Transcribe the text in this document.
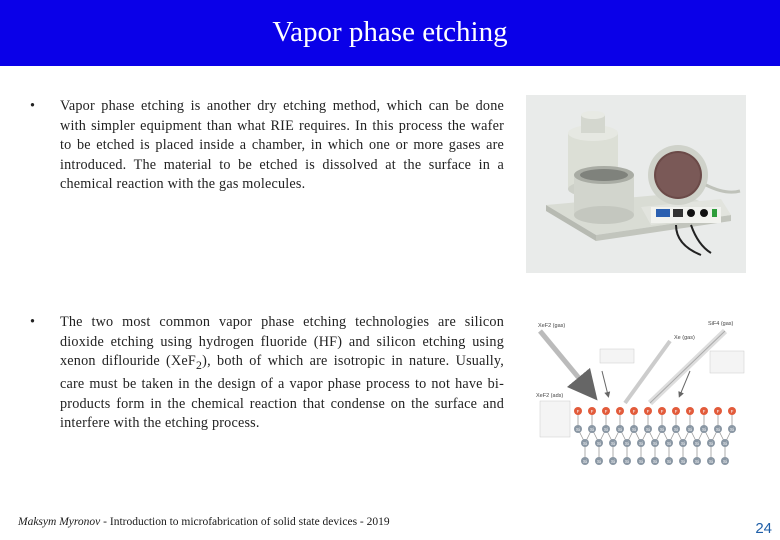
Vapor phase etching
• Vapor phase etching is another dry etching method, which can be done with simpler equipment than what RIE requires. In this process the wafer to be etched is placed inside a chamber, in which one or more gases are introduced. The material to be etched is dissolved at the surface in a chemical reaction with the gas molecules.
• The two most common vapor phase etching technologies are silicon dioxide etching using hydrogen fluoride (HF) and silicon etching using xenon diflouride (XeF$_2$), both of which are isotropic in nature. Usually, care must be taken in the design of a vapor phase process to not have bi-products form in the chemical reaction that condense on the surface and interfere with the etching process.
XeF2 (gas)	SiF4 (gas)
Xe (gas)
XeF2 (ads)
F	F	F	F	F	F	F	F	F	F	F	F
Si Si Si Si Si Si Si Si Si Si Si Si
Si Si Si Si Si Si Si Si Si Si Si
Si Si Si Si Si Si Si Si Si Si Si
Maksym Myronov - Introduction to microfabrication of solid state devices - 2019	24
